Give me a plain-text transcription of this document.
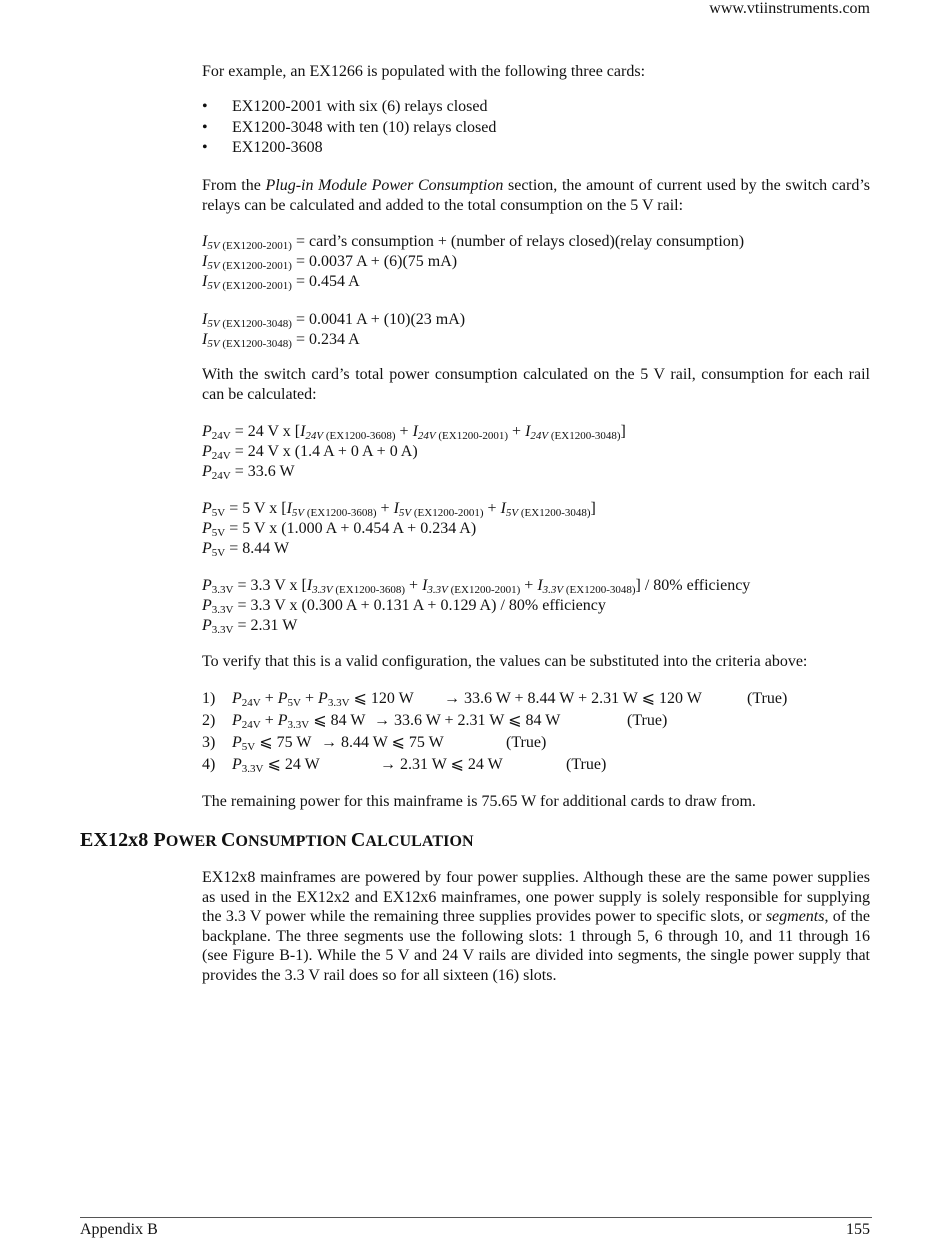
www.vtiinstruments.com

For example, an EX1266 is populated with the following three cards:

•	EX1200-2001 with six (6) relays closed
•	EX1200-3048 with ten (10) relays closed
•	EX1200-3608

From the Plug-in Module Power Consumption section, the amount of current used by the switch card’s relays can be calculated and added to the total consumption on the 5 V rail:

$I_{5V (EX1200-2001)}$ = card’s consumption + (number of relays closed)(relay consumption)
$I_{5V (EX1200-2001)} = 0.0037$ A + (6)(75 mA)
$I_{5V (EX1200-2001)} = 0.454$ A
$I_{5V (EX1200-3048)} = 0.0041$ A + (10)(23 mA)
$I_{5V (EX1200-3048)} = 0.234$ A

With the switch card’s total power consumption calculated on the 5 V rail, consumption for each rail can be calculated:

$P_{24V} = 24$ V x $[I_{24V (EX1200-3608)} + I_{24V (EX1200-2001)} + I_{24V (EX1200-3048)}]$
$P_{24V} = 24$ V x (1.4 A + 0 A + 0 A)
$P_{24V} = 33.6$ W
$P_{5V} = 5$ V x $[I_{5V (EX1200-3608)} + I_{5V (EX1200-2001)} + I_{5V (EX1200-3048)}]$
$P_{5V} = 5$ V x (1.000 A + 0.454 A + 0.234 A)
$P_{5V} = 8.44$ W
$P_{3.3V} = 3.3$ V x $[I_{3.3V (EX1200-3608)} + I_{3.3V (EX1200-2001)} + I_{3.3V (EX1200-3048)}] / 80\%$ efficiency
$P_{3.3V} = 3.3$ V x (0.300 A + 0.131 A + 0.129 A) / 80% efficiency
$P_{3.3V} = 2.31$ W

To verify that this is a valid configuration, the values can be substituted into the criteria above:

1)	$P_{24V} + P_{5V} + P_{3.3V}$ ⩽ 120 W	→ 33.6 W + 8.44 W + 2.31 W ⩽ 120 W	(True)
2)	$P_{24V} + P_{3.3V}$ ⩽ 84 W → 33.6 W + 2.31 W ⩽ 84 W	(True)
3)	$P_{5V}$ ⩽ 75 W → 8.44 W ⩽ 75 W	(True)
4)	$P_{3.3V}$ ⩽ 24 W	→ 2.31 W ⩽ 24 W	(True)

The remaining power for this mainframe is 75.65 W for additional cards to draw from.

EX12x8 POWER CONSUMPTION CALCULATION

EX12x8 mainframes are powered by four power supplies. Although these are the same power supplies as used in the EX12x2 and EX12x6 mainframes, one power supply is solely responsible for supplying the 3.3 V power while the remaining three supplies provides power to specific slots, or segments, of the backplane. The three segments use the following slots: 1 through 5, 6 through 10, and 11 through 16 (see Figure B-1). While the 5 V and 24 V rails are divided into segments, the single power supply that provides the 3.3 V rail does so for all sixteen (16) slots.

Appendix B	155
